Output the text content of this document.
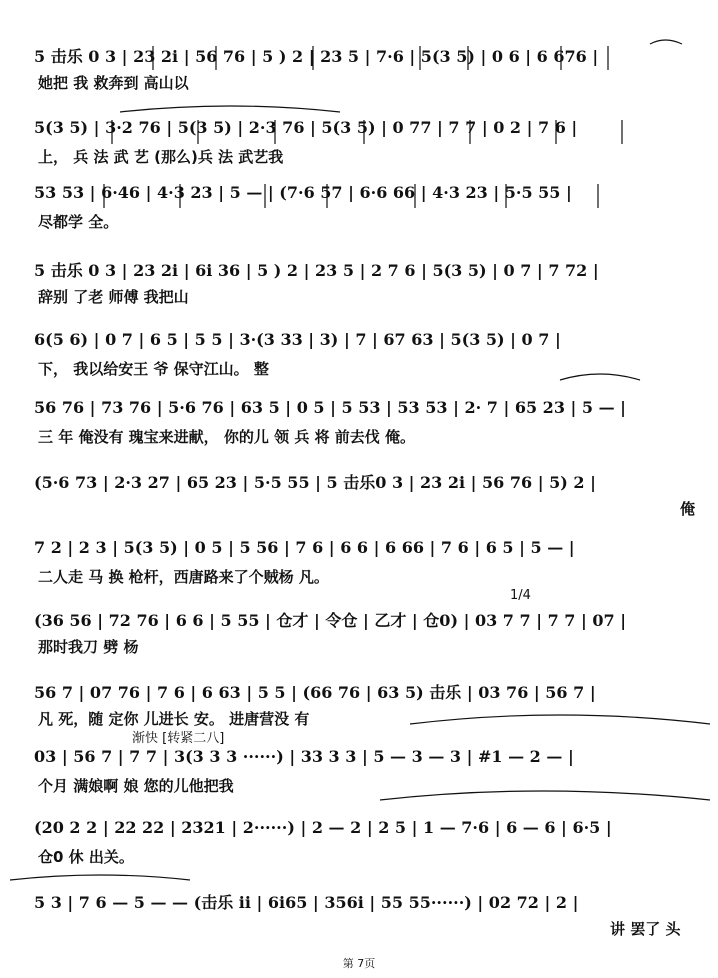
5 击乐 0 3 | 23 2i | 56 76 | 5 ) 2 | 23 5 | 7·6 | 5(3 5) | 0 6 | 6 676 |
她把 我 救奔到 高山以
5(3 5) | 3·2 76 | 5(3 5) | 2·3 76 | 5(3 5) | 0 77 | 7 7 | 0 2 | 7 6 |
上， 兵 法 武 艺 (那么)兵 法 武艺我
53 53 | 6·46 | 4·3 23 | 5 — | (7·6 57 | 6·6 66 | 4·3 23 | 5·5 55 |
尽都学 全。
5 击乐 0 3 | 23 2i | 6i 36 | 5 ) 2 | 23 5 | 2 7 6 | 5(3 5) | 0 7 | 7 72 |
辞别 了老 师傅 我把山
6(5 6) | 0 7 | 6 5 | 5 5 | 3·(3 33 | 3) | 7 | 67 63 | 5(3 5) | 0 7 |
下， 我以给安王 爷 保守江山。 整
56 76 | 73 76 | 5·6 76 | 63 5 | 0 5 | 5 53 | 53 53 | 2· 7 | 65 23 | 5 — |
三 年 俺没有 瑰宝来进献， 你的儿 领 兵 将 前去伐 俺。
(5·6 73 | 2·3 27 | 65 23 | 5·5 55 | 5 击乐0 3 | 23 2i | 56 76 | 5) 2 |
俺
7 2 | 2 3 | 5(3 5) | 0 5 | 5 56 | 7 6 | 6 6 | 6 66 | 7 6 | 6 5 | 5 — |
二人走 马 换 枪杆，西唐路来了个贼杨 凡。
(36 56 | 72 76 | 6 6 | 5 55 | 仓才 | 令仓 | 乙才 | 仓0) | 03 7 7 | 7 7 | 07 |
那时我刀 劈 杨
1/4
56 7 | 07 76 | 7 6 | 6 63 | 5 5 | (66 76 | 63 5) 击乐 | 03 76 | 56 7 |
凡 死，随 定你 儿进长 安。 进唐营没 有
03 | 56 7 | 7 7 | 3(3 3 3 ······) | 33 3 3 | 5 — 3 — 3 | #1 — 2 — |
个月 满娘啊 娘 您的儿他把我
渐快 [转紧二八]
(20 2 2 | 22 22 | 2321 | 2······) | 2 — 2 | 2 5 | 1 — 7·6 | 6 — 6 | 6·5 |
仓0 休 出关。
5 3 | 7 6 — 5 — — (击乐 ii | 6i65 | 356i | 55 55······) | 02 72 | 2 |
讲 罢了 头
第 7页
